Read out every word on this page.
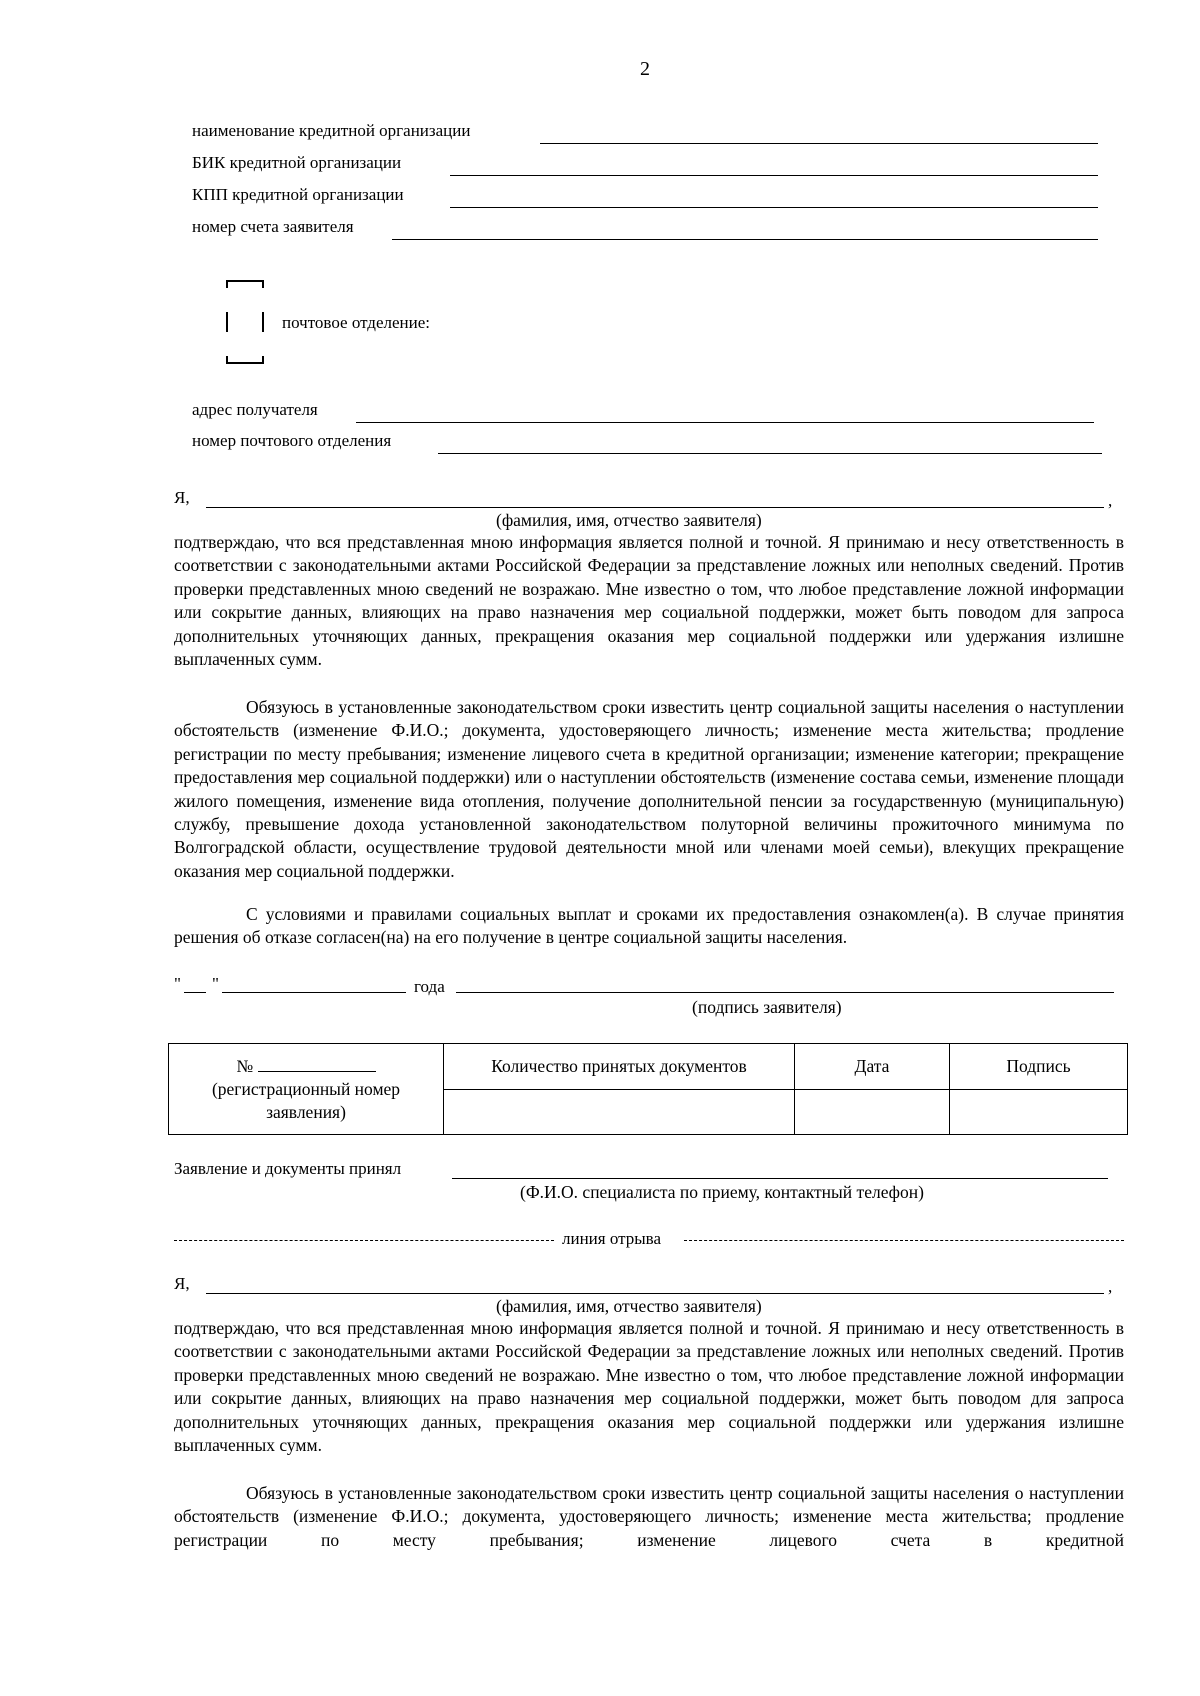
2
наименование кредитной организации
БИК кредитной организации
КПП кредитной организации
номер счета заявителя
почтовое отделение:
адрес получателя
номер почтового отделения
Я,	,
(фамилия, имя, отчество заявителя)
подтверждаю, что вся представленная мною информация является полной и точной. Я принимаю и несу ответственность в соответствии с законодательными актами Российской Федерации за представление ложных или неполных сведений. Против проверки представленных мною сведений не возражаю. Мне известно о том, что любое представление ложной информации или сокрытие данных, влияющих на право назначения мер социальной поддержки, может быть поводом для запроса дополнительных уточняющих данных, прекращения оказания мер социальной поддержки или удержания излишне выплаченных сумм.
Обязуюсь в установленные законодательством сроки известить центр социальной защиты населения о наступлении обстоятельств (изменение Ф.И.О.; документа, удостоверяющего личность; изменение места жительства; продление регистрации по месту пребывания; изменение лицевого счета в кредитной организации; изменение категории; прекращение предоставления мер социальной поддержки) или о наступлении обстоятельств (изменение состава семьи, изменение площади жилого помещения, изменение вида отопления, получение дополнительной пенсии за государственную (муниципальную) службу, превышение дохода установленной законодательством полуторной величины прожиточного минимума по Волгоградской области, осуществление трудовой деятельности мной или членами моей семьи), влекущих прекращение оказания мер социальной поддержки.
С условиями и правилами социальных выплат и сроками их предоставления ознакомлен(а). В случае принятия решения об отказе согласен(на) на его получение в центре социальной защиты населения.
" "	года
(подпись заявителя)
№
(регистрационный номер заявления)	Количество принятых документов	Дата	Подпись

Заявление и документы принял
(Ф.И.О. специалиста по приему, контактный телефон)
линия отрыва
Я,	,
(фамилия, имя, отчество заявителя)
подтверждаю, что вся представленная мною информация является полной и точной. Я принимаю и несу ответственность в соответствии с законодательными актами Российской Федерации за представление ложных или неполных сведений. Против проверки представленных мною сведений не возражаю. Мне известно о том, что любое представление ложной информации или сокрытие данных, влияющих на право назначения мер социальной поддержки, может быть поводом для запроса дополнительных уточняющих данных, прекращения оказания мер социальной поддержки или удержания излишне выплаченных сумм.
Обязуюсь в установленные законодательством сроки известить центр социальной защиты населения о наступлении обстоятельств (изменение Ф.И.О.; документа, удостоверяющего личность; изменение места жительства; продление регистрации по месту пребывания; изменение лицевого счета в кредитной
